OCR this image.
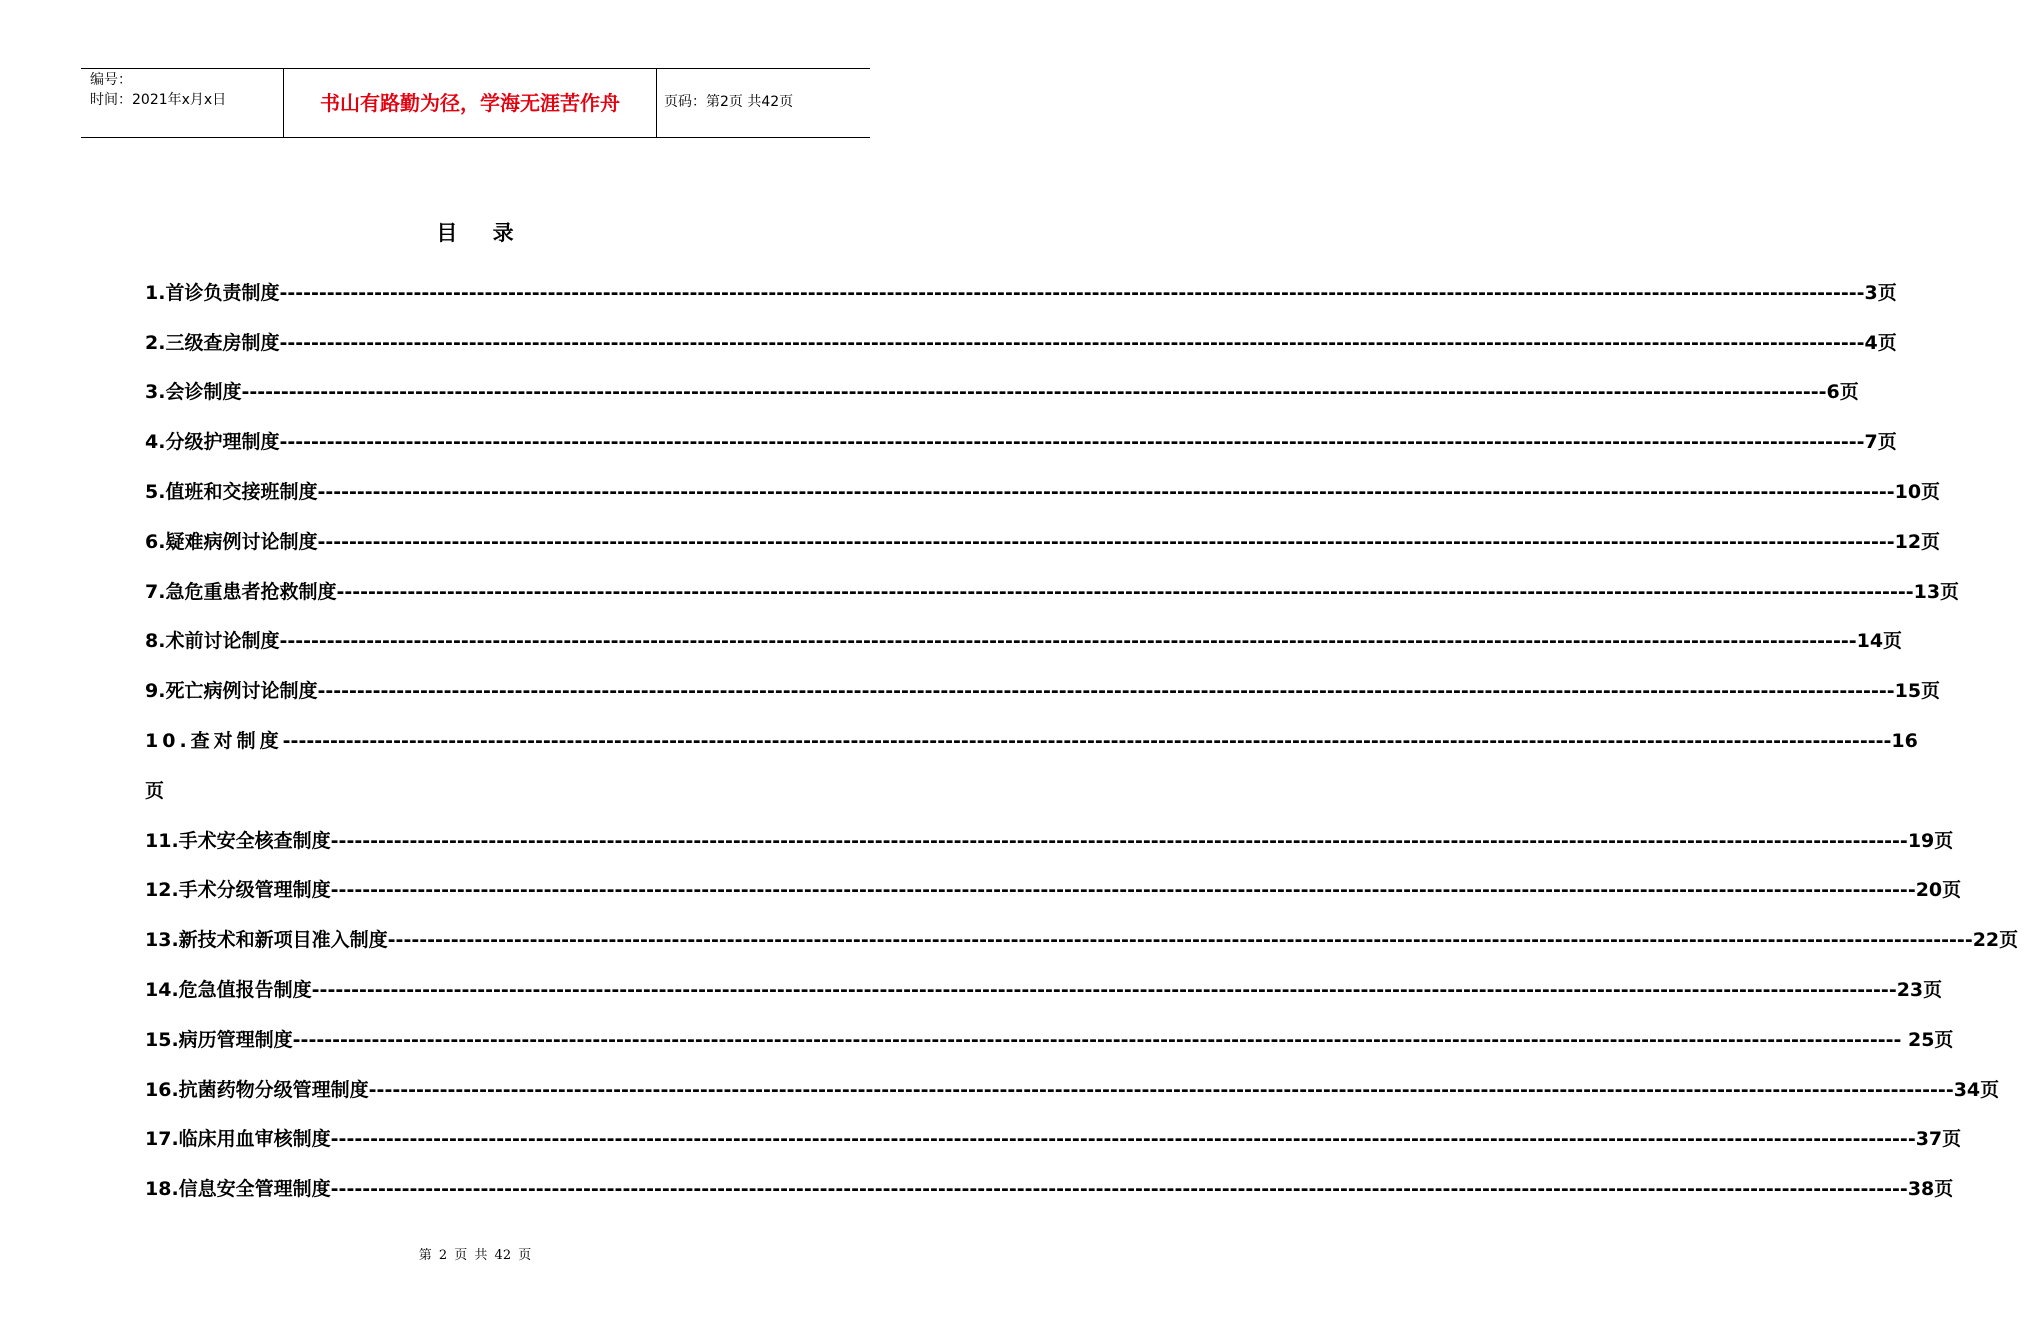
编号：
时间：2021年x月x日	书山有路勤为径，学海无涯苦作舟	页码：第2页 共42页
目 录
1.首诊负责制度 -------------------------------------------------------------------------------------------------------------------------------------------------------------------------------------------------------- -3页
2.三级查房制度 -------------------------------------------------------------------------------------------------------------------------------------------------------------------------------------------------------- -4页
3.会诊制度 -------------------------------------------------------------------------------------------------------------------------------------------------------------------------------------------------------- -6页
4.分级护理制度 -------------------------------------------------------------------------------------------------------------------------------------------------------------------------------------------------------- -7页
5.值班和交接班制度 -------------------------------------------------------------------------------------------------------------------------------------------------------------------------------------------------------- 10页
6.疑难病例讨论制度 -------------------------------------------------------------------------------------------------------------------------------------------------------------------------------------------------------- 12页
7.急危重患者抢救制度 -------------------------------------------------------------------------------------------------------------------------------------------------------------------------------------------------------- 13页
8.术前讨论制度 -------------------------------------------------------------------------------------------------------------------------------------------------------------------------------------------------------- 14页
9.死亡病例讨论制度 -------------------------------------------------------------------------------------------------------------------------------------------------------------------------------------------------------- 15页
10.查对制度 -------------------------------------------------------------------------------------------------------------------------------------------------------------------------------------------------------- ----16
页
11.手术安全核查制度 -------------------------------------------------------------------------------------------------------------------------------------------------------------------------------------------------------- 19页
12.手术分级管理制度 -------------------------------------------------------------------------------------------------------------------------------------------------------------------------------------------------------- -20页
13.新技术和新项目准入制度 -------------------------------------------------------------------------------------------------------------------------------------------------------------------------------------------------------- -22页
14.危急值报告制度 -------------------------------------------------------------------------------------------------------------------------------------------------------------------------------------------------------- -23页
15.病历管理制度 -------------------------------------------------------------------------------------------------------------------------------------------------------------------------------------------------------- ---- 25页
16.抗菌药物分级管理制度 -------------------------------------------------------------------------------------------------------------------------------------------------------------------------------------------------------- -34页
17.临床用血审核制度 -------------------------------------------------------------------------------------------------------------------------------------------------------------------------------------------------------- -37页
18.信息安全管理制度 -------------------------------------------------------------------------------------------------------------------------------------------------------------------------------------------------------- 38页
第 2 页 共 42 页
